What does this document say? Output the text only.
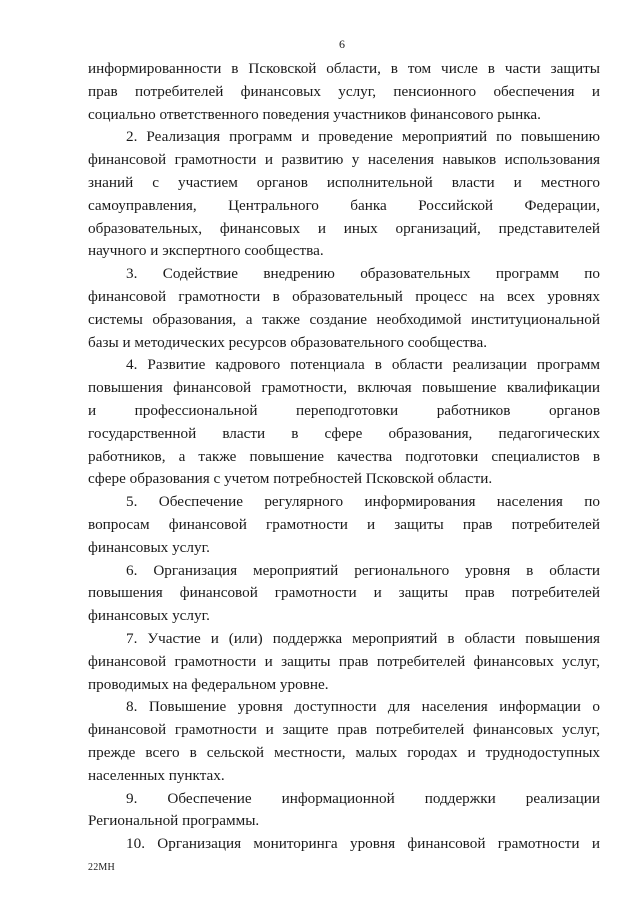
6
информированности в Псковской области, в том числе в части защиты
прав потребителей финансовых услуг, пенсионного обеспечения и
социально ответственного поведения участников финансового рынка.
2. Реализация программ и проведение мероприятий по повышению
финансовой грамотности и развитию у населения навыков использования
знаний с участием органов исполнительной власти и местного
самоуправления, Центрального банка Российской Федерации,
образовательных, финансовых и иных организаций, представителей
научного и экспертного сообщества.
3. Содействие внедрению образовательных программ по
финансовой грамотности в образовательный процесс на всех уровнях
системы образования, а также создание необходимой институциональной
базы и методических ресурсов образовательного сообщества.
4. Развитие кадрового потенциала в области реализации программ
повышения финансовой грамотности, включая повышение квалификации
и профессиональной переподготовки работников органов
государственной власти в сфере образования, педагогических
работников, а также повышение качества подготовки специалистов в
сфере образования с учетом потребностей Псковской области.
5. Обеспечение регулярного информирования населения по
вопросам финансовой грамотности и защиты прав потребителей
финансовых услуг.
6. Организация мероприятий регионального уровня в области
повышения финансовой грамотности и защиты прав потребителей
финансовых услуг.
7. Участие и (или) поддержка мероприятий в области повышения
финансовой грамотности и защиты прав потребителей финансовых услуг,
проводимых на федеральном уровне.
8. Повышение уровня доступности для населения информации о
финансовой грамотности и защите прав потребителей финансовых услуг,
прежде всего в сельской местности, малых городах и труднодоступных
населенных пунктах.
9. Обеспечение информационной поддержки реализации
Региональной программы.
10. Организация мониторинга уровня финансовой грамотности и
22МН
